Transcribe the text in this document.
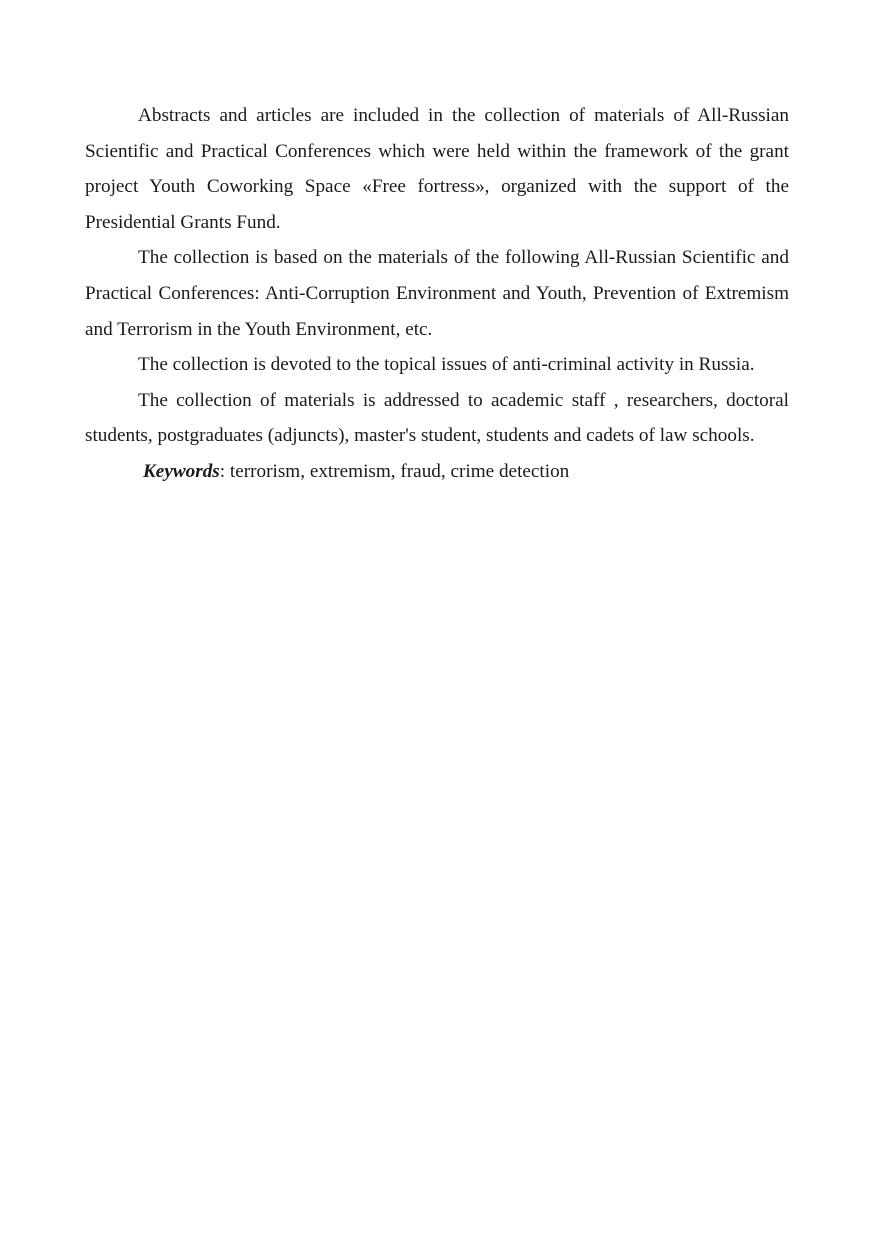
Abstracts and articles are included in the collection of materials of All-Russian Scientific and Practical Conferences which were held within the framework of the grant project Youth Coworking Space «Free fortress», organized with the support of the Presidential Grants Fund.

The collection is based on the materials of the following All-Russian Scientific and Practical Conferences: Anti-Corruption Environment and Youth, Prevention of Extremism and Terrorism in the Youth Environment, etc.

The collection is devoted to the topical issues of anti-criminal activity in Russia.

The collection of materials is addressed to academic staff , researchers, doctoral students, postgraduates (adjuncts), master's student, students and cadets of law schools.

Keywords: terrorism, extremism, fraud, crime detection
